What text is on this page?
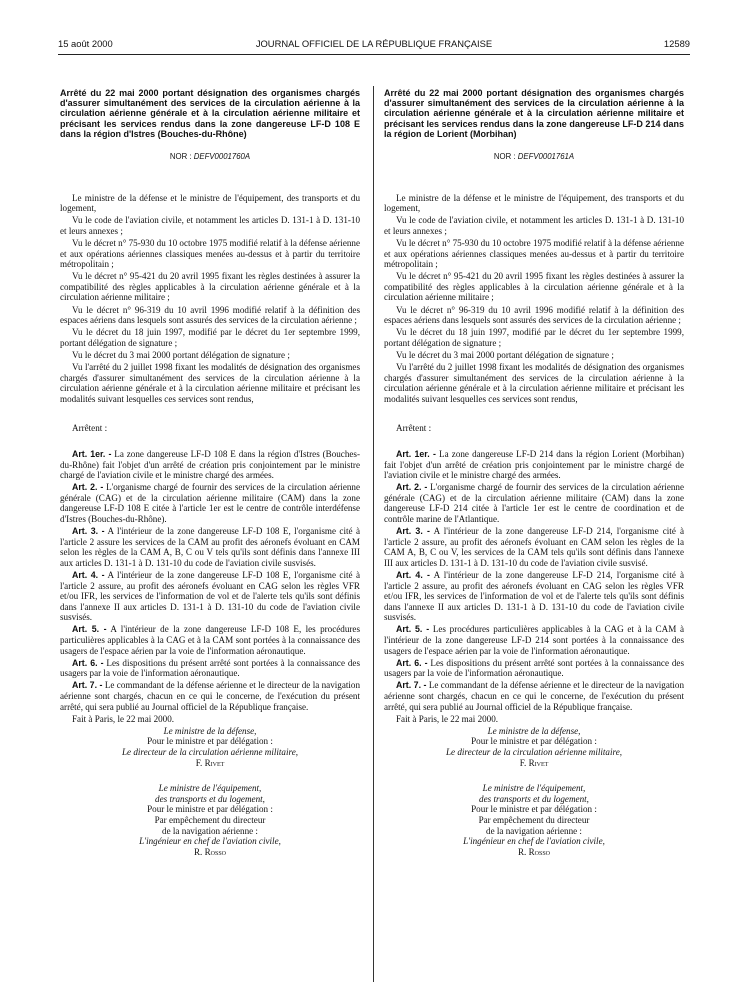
15 août 2000	JOURNAL OFFICIEL DE LA RÉPUBLIQUE FRANÇAISE	12589

Arrêté du 22 mai 2000 portant désignation des organismes chargés d'assurer simultanément des services de la circulation aérienne à la circulation aérienne générale et à la circulation aérienne militaire et précisant les services rendus dans la zone dangereuse LF-D 108 E dans la région d'Istres (Bouches-du-Rhône)

NOR : DEFV0001760A

Le ministre de la défense et le ministre de l'équipement, des transports et du logement,

Vu le code de l'aviation civile, et notamment les articles D. 131-1 à D. 131-10 et leurs annexes ;

Vu le décret n° 75-930 du 10 octobre 1975 modifié relatif à la défense aérienne et aux opérations aériennes classiques menées au-dessus et à partir du territoire métropolitain ;

Vu le décret n° 95-421 du 20 avril 1995 fixant les règles destinées à assurer la compatibilité des règles applicables à la circulation aérienne générale et à la circulation aérienne militaire ;

Vu le décret n° 96-319 du 10 avril 1996 modifié relatif à la définition des espaces aériens dans lesquels sont assurés des services de la circulation aérienne ;

Vu le décret du 18 juin 1997, modifié par le décret du 1er septembre 1999, portant délégation de signature ;

Vu le décret du 3 mai 2000 portant délégation de signature ;

Vu l'arrêté du 2 juillet 1998 fixant les modalités de désignation des organismes chargés d'assurer simultanément des services de la circulation aérienne à la circulation aérienne générale et à la circulation aérienne militaire et précisant les modalités suivant lesquelles ces services sont rendus,

Arrêtent :

Art. 1er. - La zone dangereuse LF-D 108 E dans la région d'Istres (Bouches-du-Rhône) fait l'objet d'un arrêté de création pris conjointement par le ministre chargé de l'aviation civile et le ministre chargé des armées.

Art. 2. - L'organisme chargé de fournir des services de la circulation aérienne générale (CAG) et de la circulation aérienne militaire (CAM) dans la zone dangereuse LF-D 108 E citée à l'article 1er est le centre de contrôle interdéfense d'Istres (Bouches-du-Rhône).

Art. 3. - A l'intérieur de la zone dangereuse LF-D 108 E, l'organisme cité à l'article 2 assure les services de la CAM au profit des aéronefs évoluant en CAM selon les règles de la CAM A, B, C ou V tels qu'ils sont définis dans l'annexe III aux articles D. 131-1 à D. 131-10 du code de l'aviation civile susvisés.

Art. 4. - A l'intérieur de la zone dangereuse LF-D 108 E, l'organisme cité à l'article 2 assure, au profit des aéronefs évoluant en CAG selon les règles VFR et/ou IFR, les services de l'information de vol et de l'alerte tels qu'ils sont définis dans l'annexe II aux articles D. 131-1 à D. 131-10 du code de l'aviation civile susvisés.

Art. 5. - A l'intérieur de la zone dangereuse LF-D 108 E, les procédures particulières applicables à la CAG et à la CAM sont portées à la connaissance des usagers de l'espace aérien par la voie de l'information aéronautique.

Art. 6. - Les dispositions du présent arrêté sont portées à la connaissance des usagers par la voie de l'information aéronautique.

Art. 7. - Le commandant de la défense aérienne et le directeur de la navigation aérienne sont chargés, chacun en ce qui le concerne, de l'exécution du présent arrêté, qui sera publié au Journal officiel de la République française.

Fait à Paris, le 22 mai 2000.

Le ministre de la défense,
Pour le ministre et par délégation :
Le directeur de la circulation aérienne militaire,
F. Rivet
Le ministre de l'équipement,
des transports et du logement,
Pour le ministre et par délégation :
Par empêchement du directeur
de la navigation aérienne :
L'ingénieur en chef de l'aviation civile,
R. Rosso

Arrêté du 22 mai 2000 portant désignation des organismes chargés d'assurer simultanément des services de la circulation aérienne à la circulation aérienne générale et à la circulation aérienne militaire et précisant les services rendus dans la zone dangereuse LF-D 214 dans la région de Lorient (Morbihan)

NOR : DEFV0001761A

Le ministre de la défense et le ministre de l'équipement, des transports et du logement,

Vu le code de l'aviation civile, et notamment les articles D. 131-1 à D. 131-10 et leurs annexes ;

Vu le décret n° 75-930 du 10 octobre 1975 modifié relatif à la défense aérienne et aux opérations aériennes classiques menées au-dessus et à partir du territoire métropolitain ;

Vu le décret n° 95-421 du 20 avril 1995 fixant les règles destinées à assurer la compatibilité des règles applicables à la circulation aérienne générale et à la circulation aérienne militaire ;

Vu le décret n° 96-319 du 10 avril 1996 modifié relatif à la définition des espaces aériens dans lesquels sont assurés des services de la circulation aérienne ;

Vu le décret du 18 juin 1997, modifié par le décret du 1er septembre 1999, portant délégation de signature ;

Vu le décret du 3 mai 2000 portant délégation de signature ;

Vu l'arrêté du 2 juillet 1998 fixant les modalités de désignation des organismes chargés d'assurer simultanément des services de la circulation aérienne à la circulation aérienne générale et à la circulation aérienne militaire et précisant les modalités suivant lesquelles ces services sont rendus,

Arrêtent :

Art. 1er. - La zone dangereuse LF-D 214 dans la région Lorient (Morbihan) fait l'objet d'un arrêté de création pris conjointement par le ministre chargé de l'aviation civile et le ministre chargé des armées.

Art. 2. - L'organisme chargé de fournir des services de la circulation aérienne générale (CAG) et de la circulation aérienne militaire (CAM) dans la zone dangereuse LF-D 214 citée à l'article 1er est le centre de coordination et de contrôle marine de l'Atlantique.

Art. 3. - A l'intérieur de la zone dangereuse LF-D 214, l'organisme cité à l'article 2 assure, au profit des aéronefs évoluant en CAM selon les règles de la CAM A, B, C ou V, les services de la CAM tels qu'ils sont définis dans l'annexe III aux articles D. 131-1 à D. 131-10 du code de l'aviation civile susvisé.

Art. 4. - A l'intérieur de la zone dangereuse LF-D 214, l'organisme cité à l'article 2 assure, au profit des aéronefs évoluant en CAG selon les règles VFR et/ou IFR, les services de l'information de vol et de l'alerte tels qu'ils sont définis dans l'annexe II aux articles D. 131-1 à D. 131-10 du code de l'aviation civile susvisés.

Art. 5. - Les procédures particulières applicables à la CAG et à la CAM à l'intérieur de la zone dangereuse LF-D 214 sont portées à la connaissance des usagers de l'espace aérien par la voie de l'information aéronautique.

Art. 6. - Les dispositions du présent arrêté sont portées à la connaissance des usagers par la voie de l'information aéronautique.

Art. 7. - Le commandant de la défense aérienne et le directeur de la navigation aérienne sont chargés, chacun en ce qui le concerne, de l'exécution du présent arrêté, qui sera publié au Journal officiel de la République française.

Fait à Paris, le 22 mai 2000.

Le ministre de la défense,
Pour le ministre et par délégation :
Le directeur de la circulation aérienne militaire,
F. Rivet
Le ministre de l'équipement,
des transports et du logement,
Pour le ministre et par délégation :
Par empêchement du directeur
de la navigation aérienne :
L'ingénieur en chef de l'aviation civile,
R. Rosso
